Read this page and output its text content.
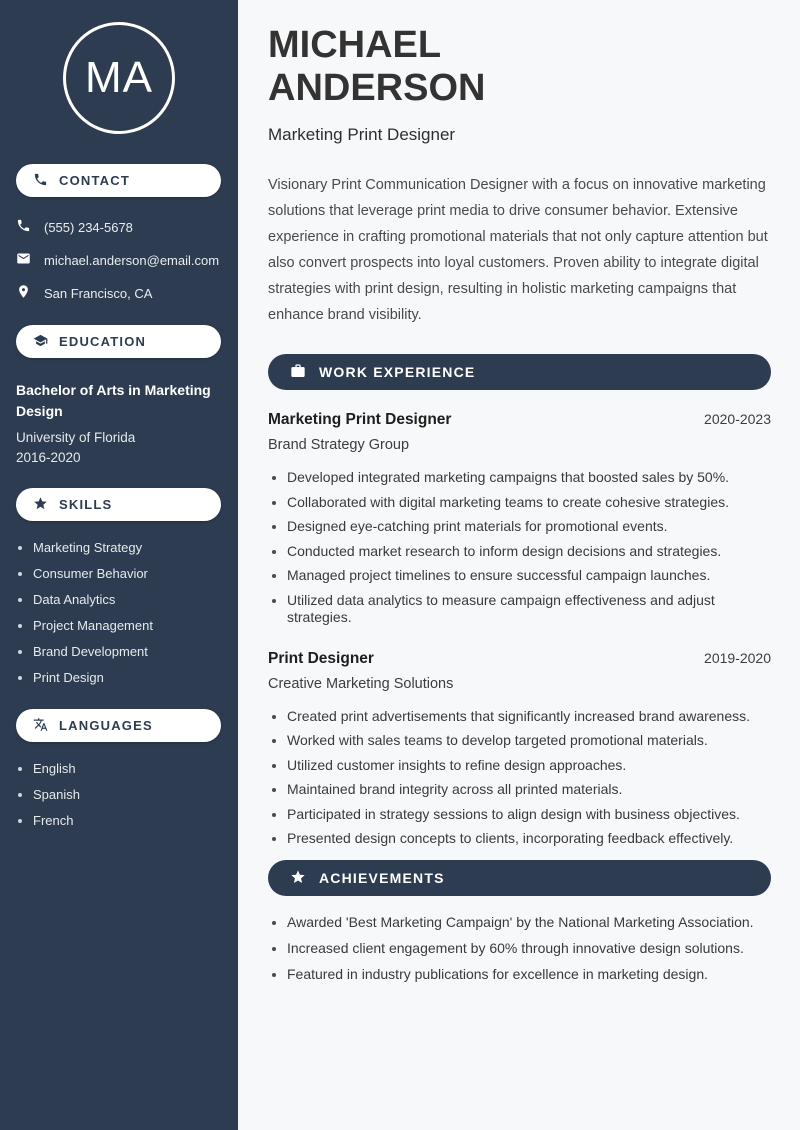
MA
CONTACT
(555) 234-5678
michael.anderson@email.com
San Francisco, CA
EDUCATION
Bachelor of Arts in Marketing Design
University of Florida
2016-2020
SKILLS
• Marketing Strategy
• Consumer Behavior
• Data Analytics
• Project Management
• Brand Development
• Print Design
LANGUAGES
• English
• Spanish
• French
MICHAEL
ANDERSON
Marketing Print Designer

Visionary Print Communication Designer with a focus on innovative marketing solutions that leverage print media to drive consumer behavior. Extensive experience in crafting promotional materials that not only capture attention but also convert prospects into loyal customers. Proven ability to integrate digital strategies with print design, resulting in holistic marketing campaigns that enhance brand visibility.

WORK EXPERIENCE
Marketing Print Designer	2020-2023
Brand Strategy Group
• Developed integrated marketing campaigns that boosted sales by 50%.
• Collaborated with digital marketing teams to create cohesive strategies.
• Designed eye-catching print materials for promotional events.
• Conducted market research to inform design decisions and strategies.
• Managed project timelines to ensure successful campaign launches.
• Utilized data analytics to measure campaign effectiveness and adjust strategies.
Print Designer	2019-2020
Creative Marketing Solutions
• Created print advertisements that significantly increased brand awareness.
• Worked with sales teams to develop targeted promotional materials.
• Utilized customer insights to refine design approaches.
• Maintained brand integrity across all printed materials.
• Participated in strategy sessions to align design with business objectives.
• Presented design concepts to clients, incorporating feedback effectively.
ACHIEVEMENTS
• Awarded 'Best Marketing Campaign' by the National Marketing Association.
• Increased client engagement by 60% through innovative design solutions.
• Featured in industry publications for excellence in marketing design.
